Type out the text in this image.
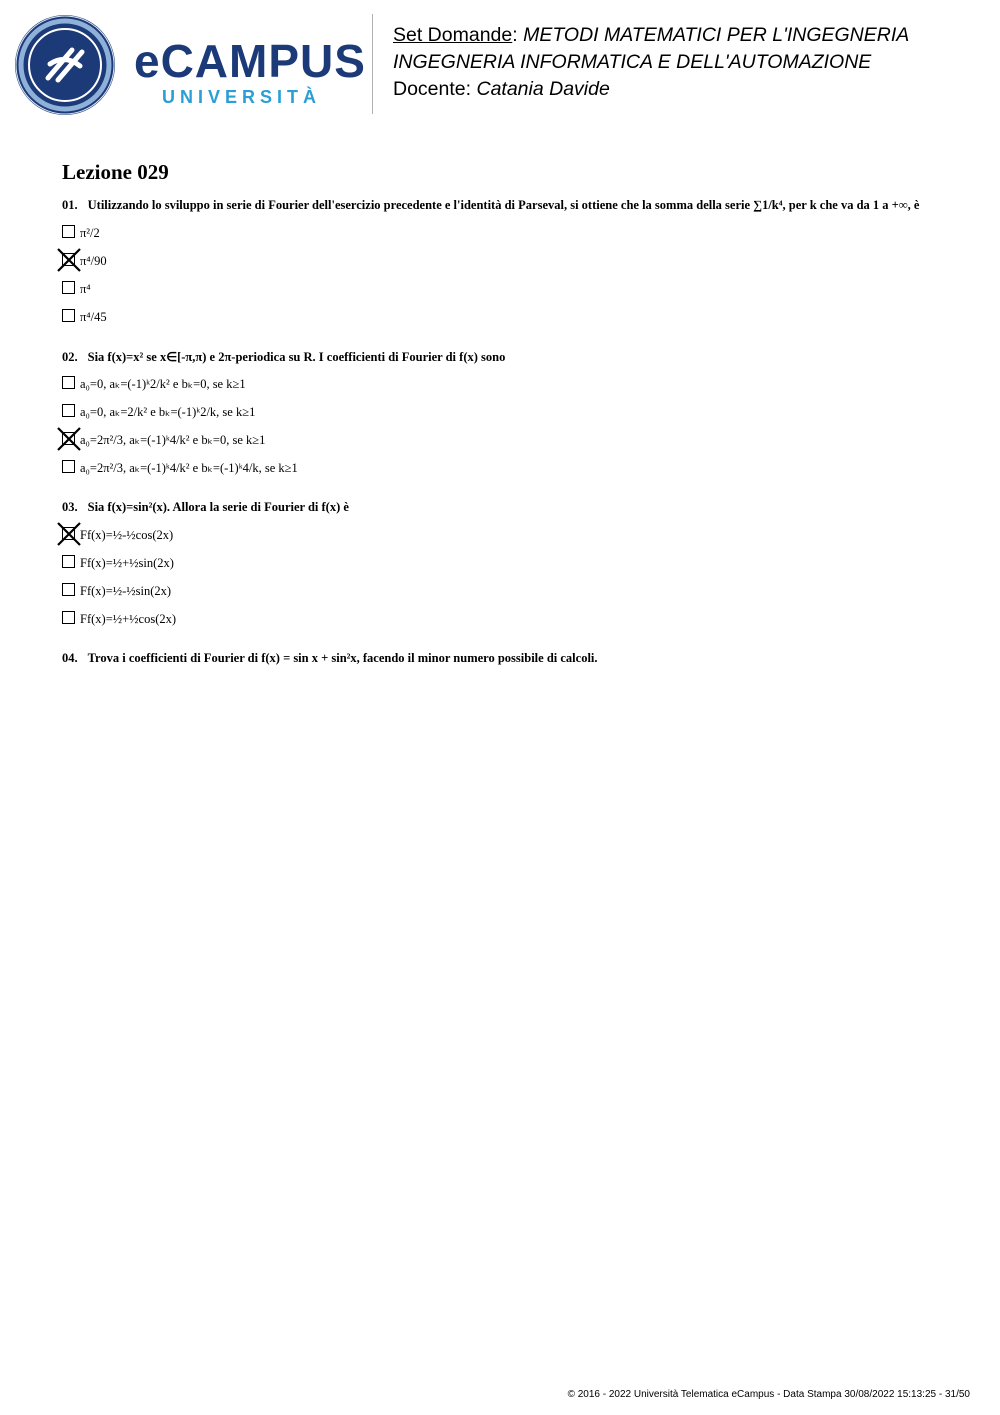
eCAMPUS
UNIVERSITÀ
Set Domande: METODI MATEMATICI PER L'INGEGNERIA
INGEGNERIA INFORMATICA E DELL'AUTOMAZIONE
Docente: Catania Davide
Lezione 029
01. Utilizzando lo sviluppo in serie di Fourier dell'esercizio precedente e l'identità di Parseval, si ottiene che la somma della serie ∑1/k⁴, per k che va da 1 a +∞, è
π²/2
π⁴/90
π⁴
π⁴/45
02. Sia f(x)=x² se x∈[-π,π) e 2π-periodica su R. I coefficienti di Fourier di f(x) sono
a₀=0, aₖ=(-1)ᵏ2/k² e bₖ=0, se k≥1
a₀=0, aₖ=2/k² e bₖ=(-1)ᵏ2/k, se k≥1
a₀=2π²/3, aₖ=(-1)ᵏ4/k² e bₖ=0, se k≥1
a₀=2π²/3, aₖ=(-1)ᵏ4/k² e bₖ=(-1)ᵏ4/k, se k≥1
03. Sia f(x)=sin²(x). Allora la serie di Fourier di f(x) è
Ff(x)=½-½cos(2x)
Ff(x)=½+½sin(2x)
Ff(x)=½-½sin(2x)
Ff(x)=½+½cos(2x)
04. Trova i coefficienti di Fourier di f(x) = sin x + sin²x, facendo il minor numero possibile di calcoli.
© 2016 - 2022 Università Telematica eCampus - Data Stampa 30/08/2022 15:13:25 - 31/50
